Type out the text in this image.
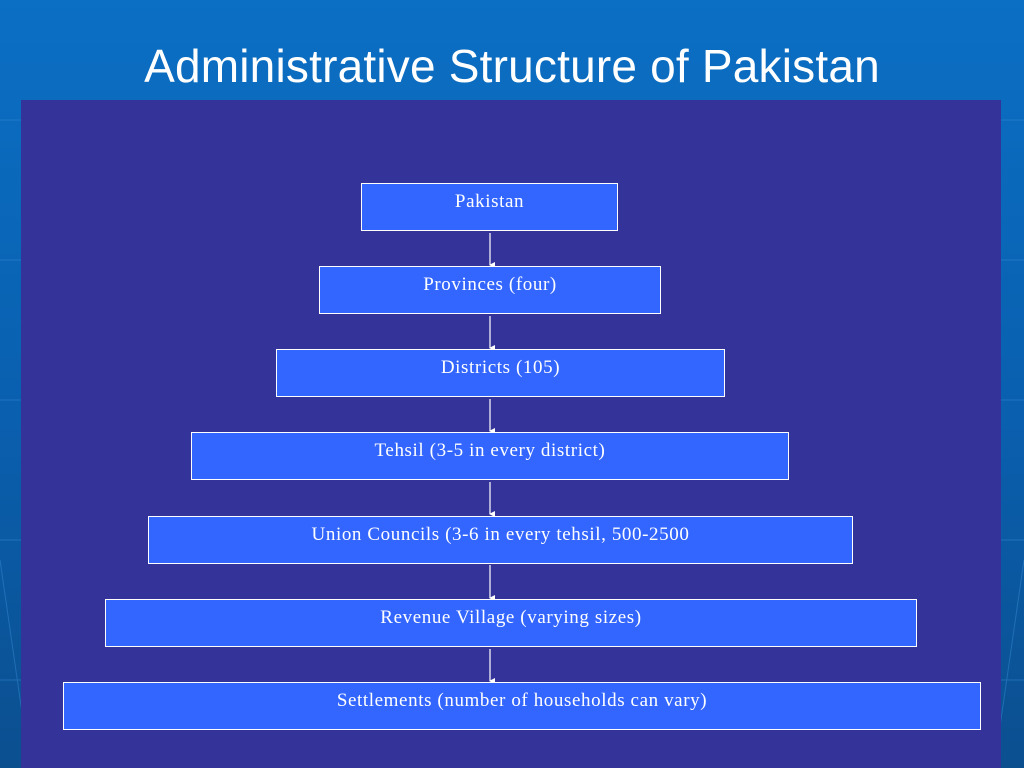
Administrative Structure of Pakistan
Pakistan
Provinces (four)
Districts (105)
Tehsil (3-5 in every district)
Union Councils (3-6 in every tehsil, 500-2500
Revenue Village (varying sizes)
Settlements (number of households can vary)
